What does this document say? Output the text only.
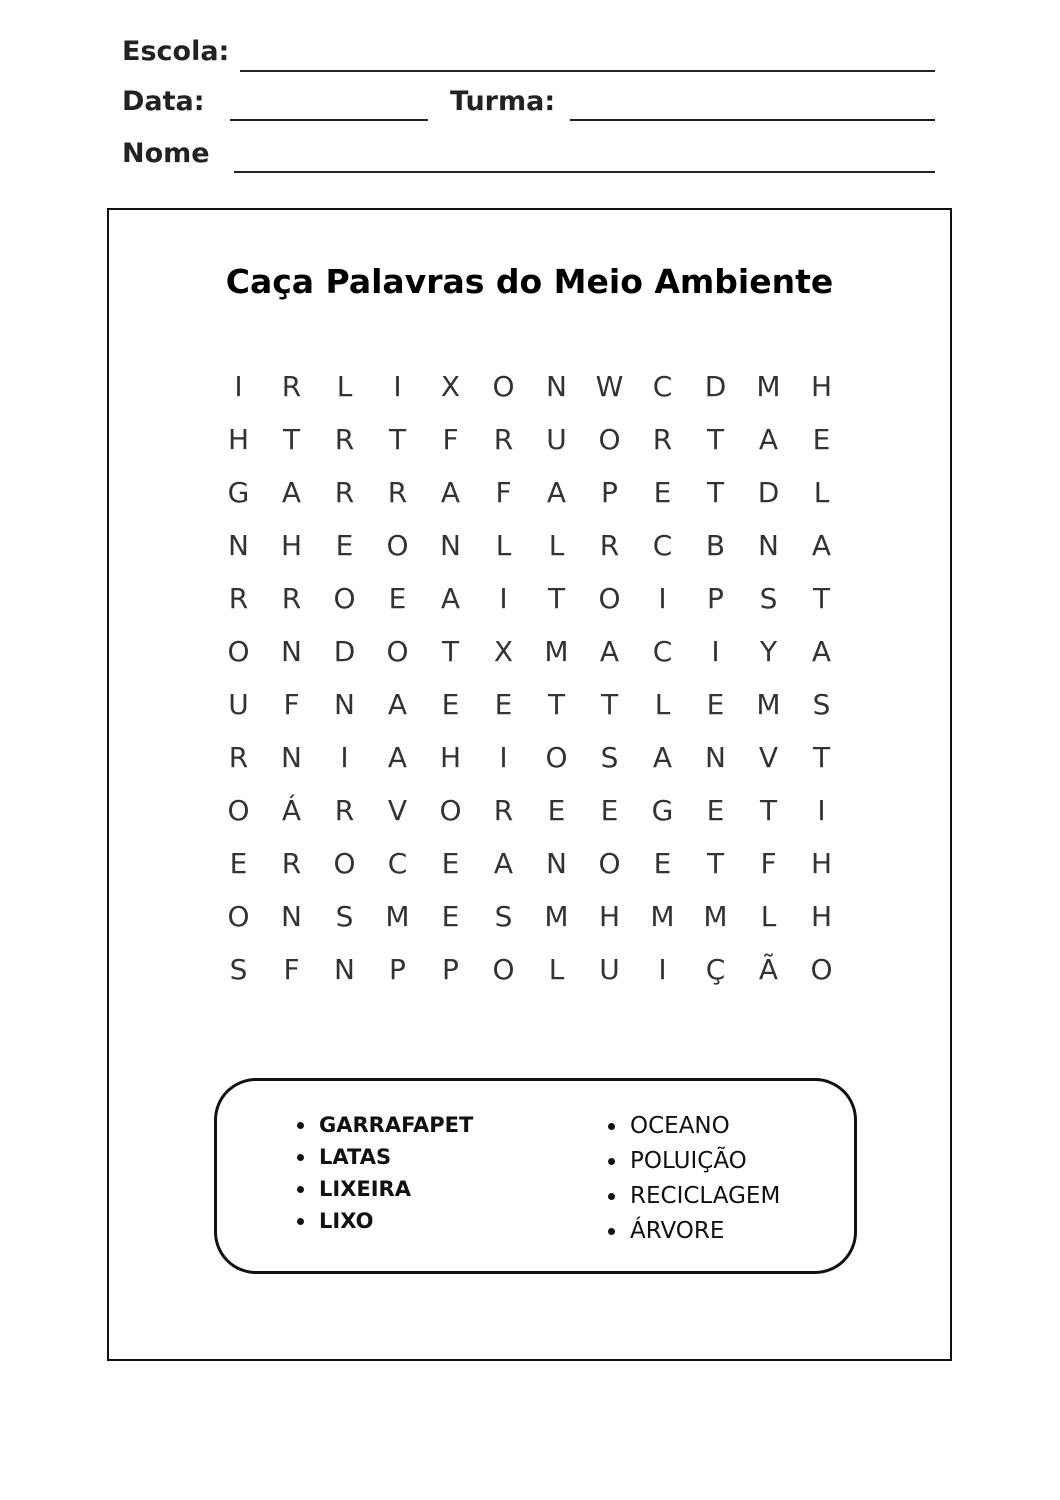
Escola:
Data:	Turma:
Nome
Caça Palavras do Meio Ambiente
I	R	L	I	X	O	N	W	C	D	M	H
H	T	R	T	F	R	U	O	R	T	A	E
G	A	R	R	A	F	A	P	E	T	D	L
N	H	E	O	N	L	L	R	C	B	N	A
R	R	O	E	A	I	T	O	I	P	S	T
O	N	D	O	T	X	M	A	C	I	Y	A
U	F	N	A	E	E	T	T	L	E	M	S
R	N	I	A	H	I	O	S	A	N	V	T
O	Á	R	V	O	R	E	E	G	E	T	I
E	R	O	C	E	A	N	O	E	T	F	H
O	N	S	M	E	S	M	H	M	M	L	H
S	F	N	P	P	O	L	U	I	Ç	Ã	O
GARRAFAPET
LATAS
LIXEIRA
LIXO
OCEANO
POLUIÇÃO
RECICLAGEM
ÁRVORE
